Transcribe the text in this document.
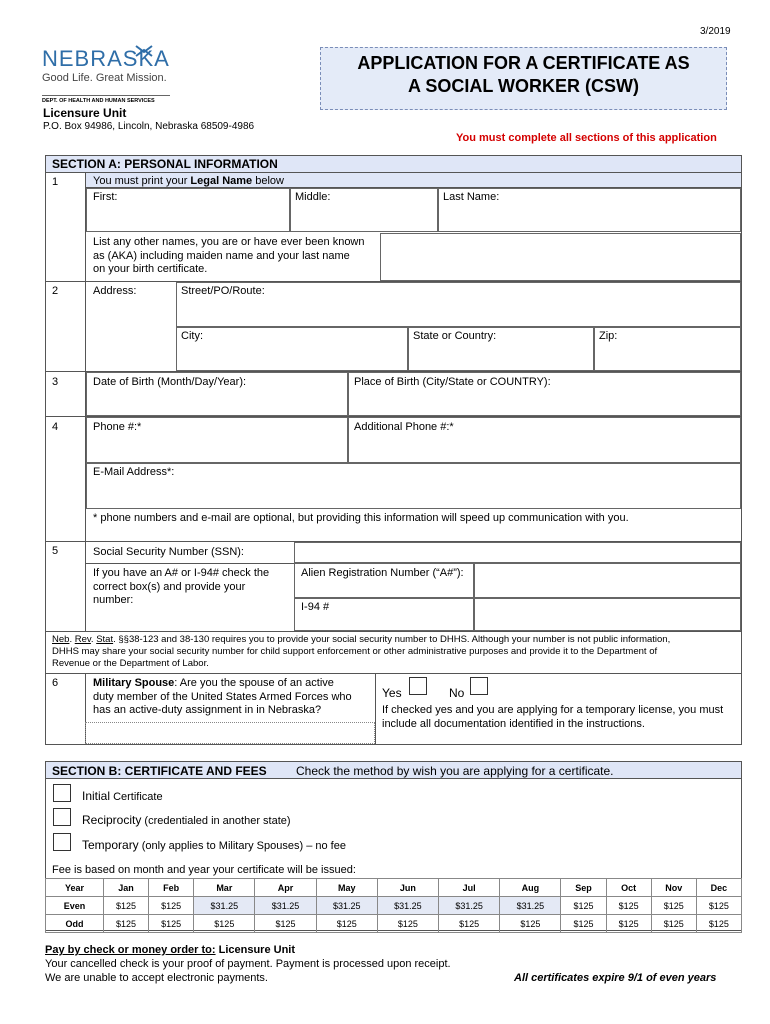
3/2019
NEBRASKA
Good Life. Great Mission.
DEPT. OF HEALTH AND HUMAN SERVICES
Licensure Unit
P.O. Box 94986, Lincoln, Nebraska 68509-4986
APPLICATION FOR A CERTIFICATE AS
A SOCIAL WORKER (CSW)
You must complete all sections of this application
SECTION A: PERSONAL INFORMATION
1	You must print your Legal Name below
First:	Middle:	Last Name:
List any other names, you are or have ever been known
as (AKA) including maiden name and your last name
on your birth certificate.
2	Address:	Street/PO/Route:
City:	State or Country:	Zip:
3	Date of Birth (Month/Day/Year):	Place of Birth (City/State or COUNTRY):
4	Phone #:*	Additional Phone #:*
E-Mail Address*:
* phone numbers and e-mail are optional, but providing this information will speed up communication with you.
5	Social Security Number (SSN):
If you have an A# or I-94# check the
correct box(s) and provide your
number:
Alien Registration Number (“A#”):
I-94 #
Neb. Rev. Stat. §§38-123 and 38-130 requires you to provide your social security number to DHHS. Although your number is not public information,
DHHS may share your social security number for child support enforcement or other administrative purposes and provide it to the Department of
Revenue or the Department of Labor.
6	Military Spouse: Are you the spouse of an active
duty member of the United States Armed Forces who
has an active-duty assignment in in Nebraska?
Yes	No
If checked yes and you are applying for a temporary license, you must
include all documentation identified in the instructions.
SECTION B: CERTIFICATE AND FEES Check the method by wish you are applying for a certificate.
Initial Certificate
Reciprocity (credentialed in another state)
Temporary (only applies to Military Spouses) – no fee
Fee is based on month and year your certificate will be issued:
Year	Jan	Feb	Mar	Apr	May	Jun	Jul	Aug	Sep	Oct	Nov	Dec
Even	$125	$125	$31.25	$31.25	$31.25	$31.25	$31.25	$31.25	$125	$125	$125	$125
Odd	$125	$125	$125	$125	$125	$125	$125	$125	$125	$125	$125	$125
Pay by check or money order to: Licensure Unit
Your cancelled check is your proof of payment. Payment is processed upon receipt.
We are unable to accept electronic payments.	All certificates expire 9/1 of even years
